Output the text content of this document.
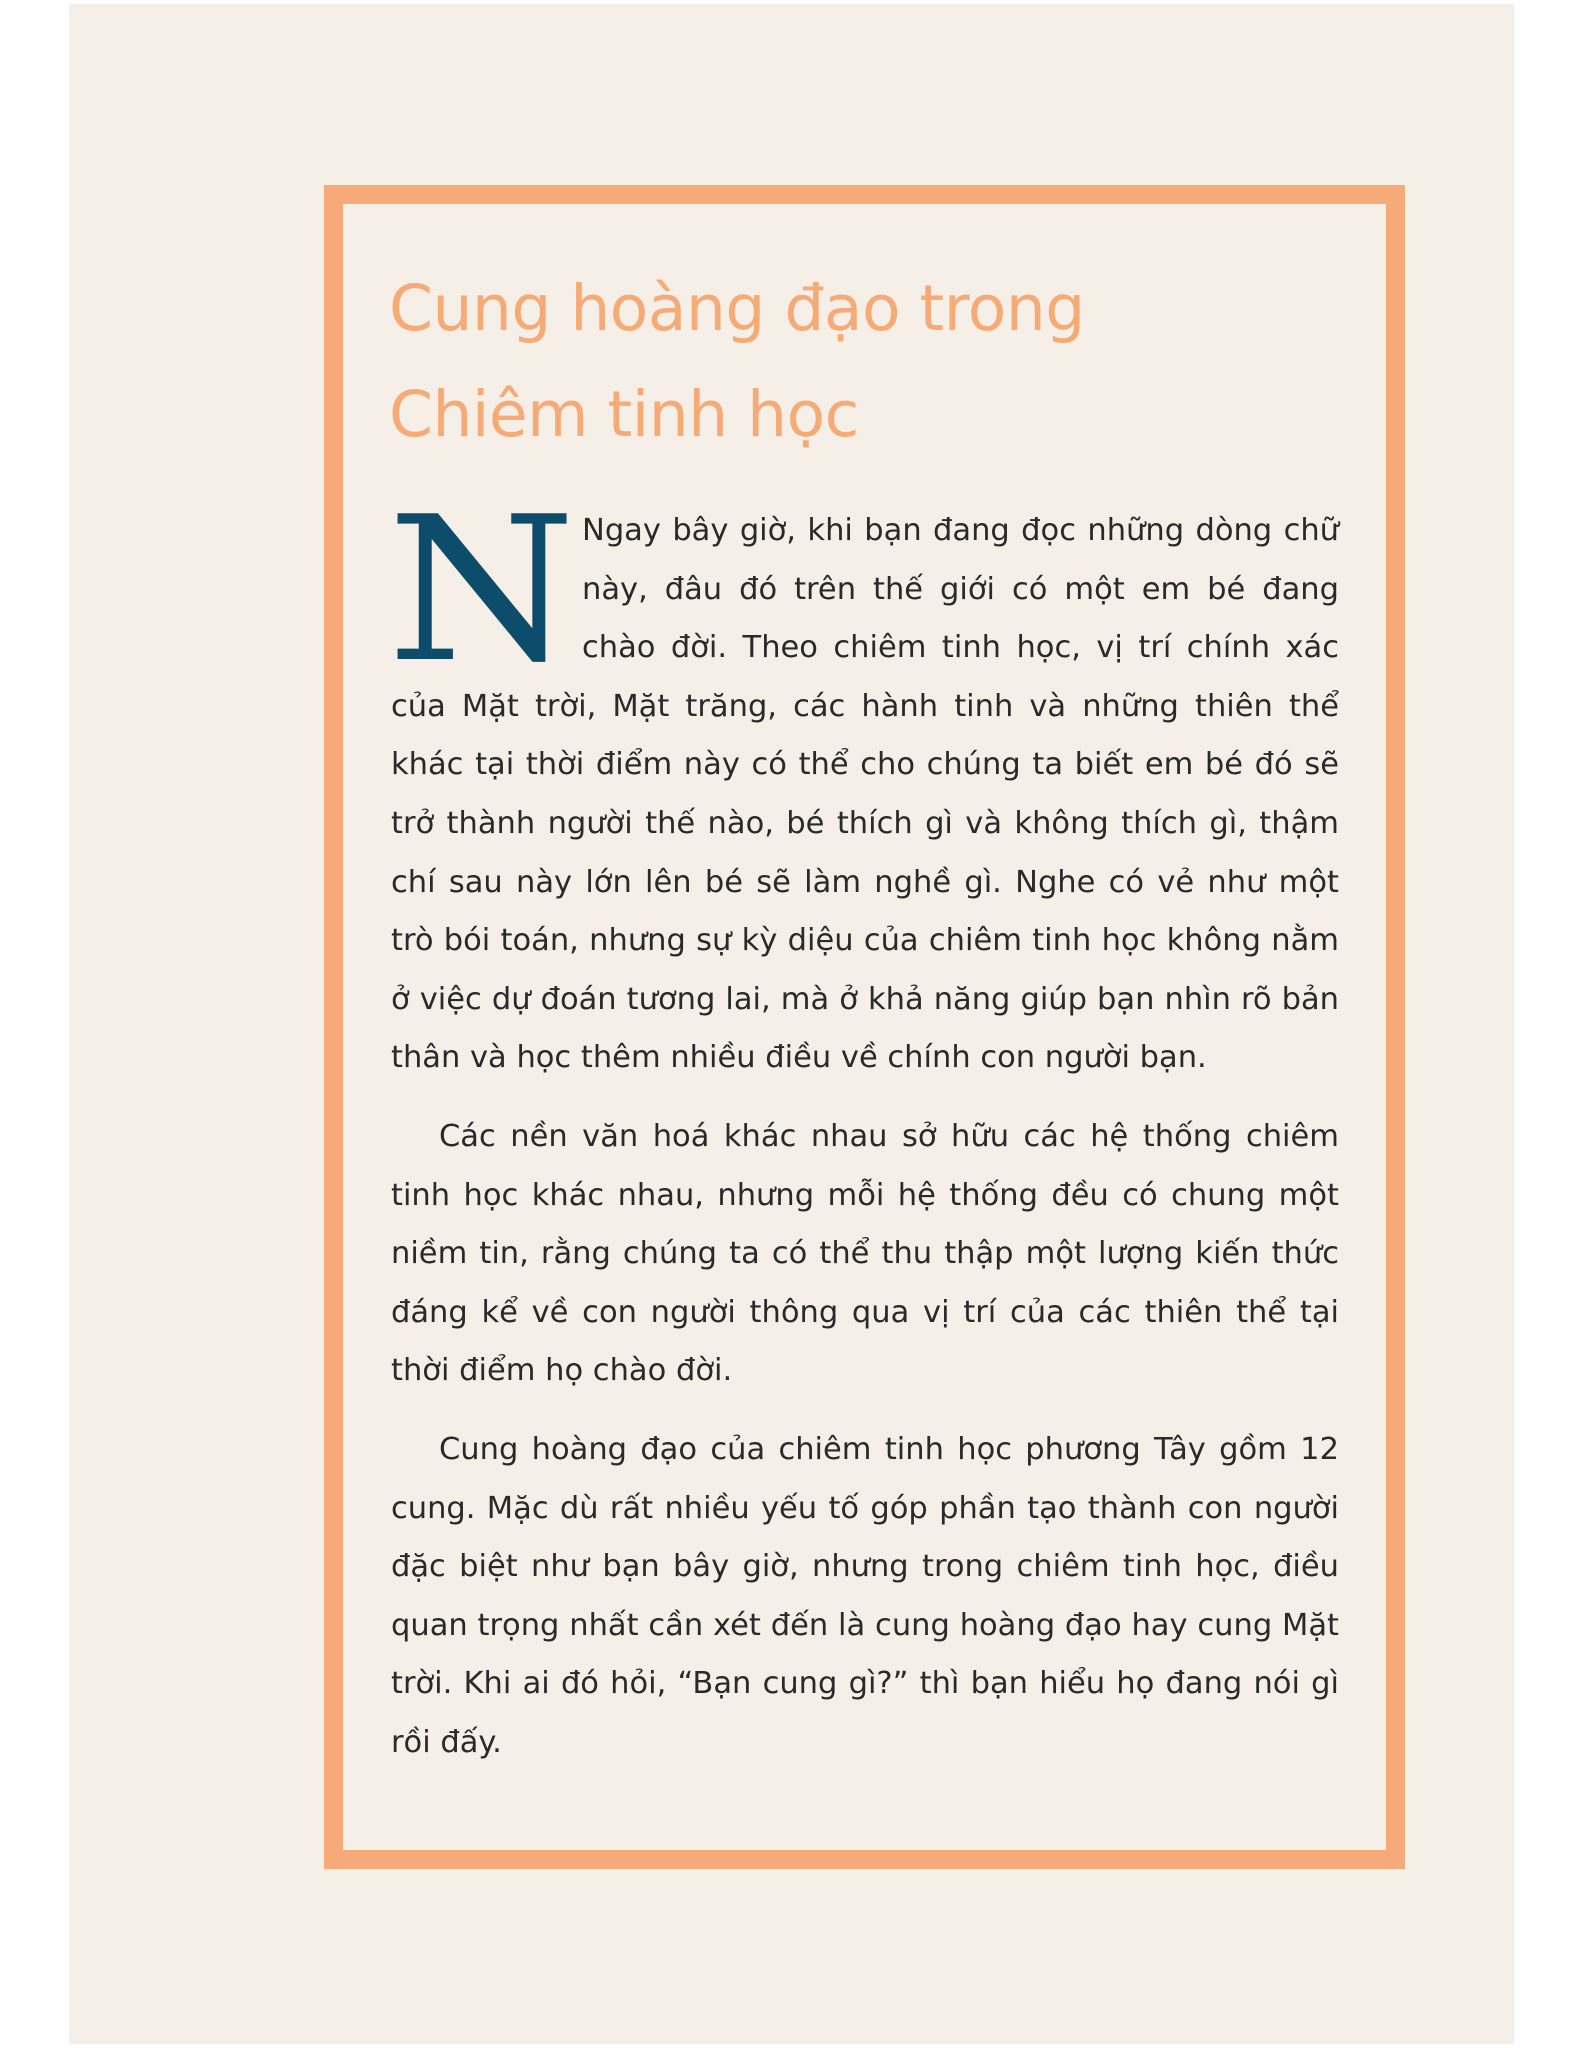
Cung hoàng đạo trong
Chiêm tinh học

N Ngay bây giờ, khi bạn đang đọc những dòng chữ này, đâu đó trên thế giới có một em bé đang chào đời. Theo chiêm tinh học, vị trí chính xác của Mặt trời, Mặt trăng, các hành tinh và những thiên thể khác tại thời điểm này có thể cho chúng ta biết em bé đó sẽ trở thành người thế nào, bé thích gì và không thích gì, thậm chí sau này lớn lên bé sẽ làm nghề gì. Nghe có vẻ như một trò bói toán, nhưng sự kỳ diệu của chiêm tinh học không nằm ở việc dự đoán tương lai, mà ở khả năng giúp bạn nhìn rõ bản thân và học thêm nhiều điều về chính con người bạn.

Các nền văn hoá khác nhau sở hữu các hệ thống chiêm tinh học khác nhau, nhưng mỗi hệ thống đều có chung một niềm tin, rằng chúng ta có thể thu thập một lượng kiến thức đáng kể về con người thông qua vị trí của các thiên thể tại thời điểm họ chào đời.

Cung hoàng đạo của chiêm tinh học phương Tây gồm 12 cung. Mặc dù rất nhiều yếu tố góp phần tạo thành con người đặc biệt như bạn bây giờ, nhưng trong chiêm tinh học, điều quan trọng nhất cần xét đến là cung hoàng đạo hay cung Mặt trời. Khi ai đó hỏi, “Bạn cung gì?” thì bạn hiểu họ đang nói gì rồi đấy.
